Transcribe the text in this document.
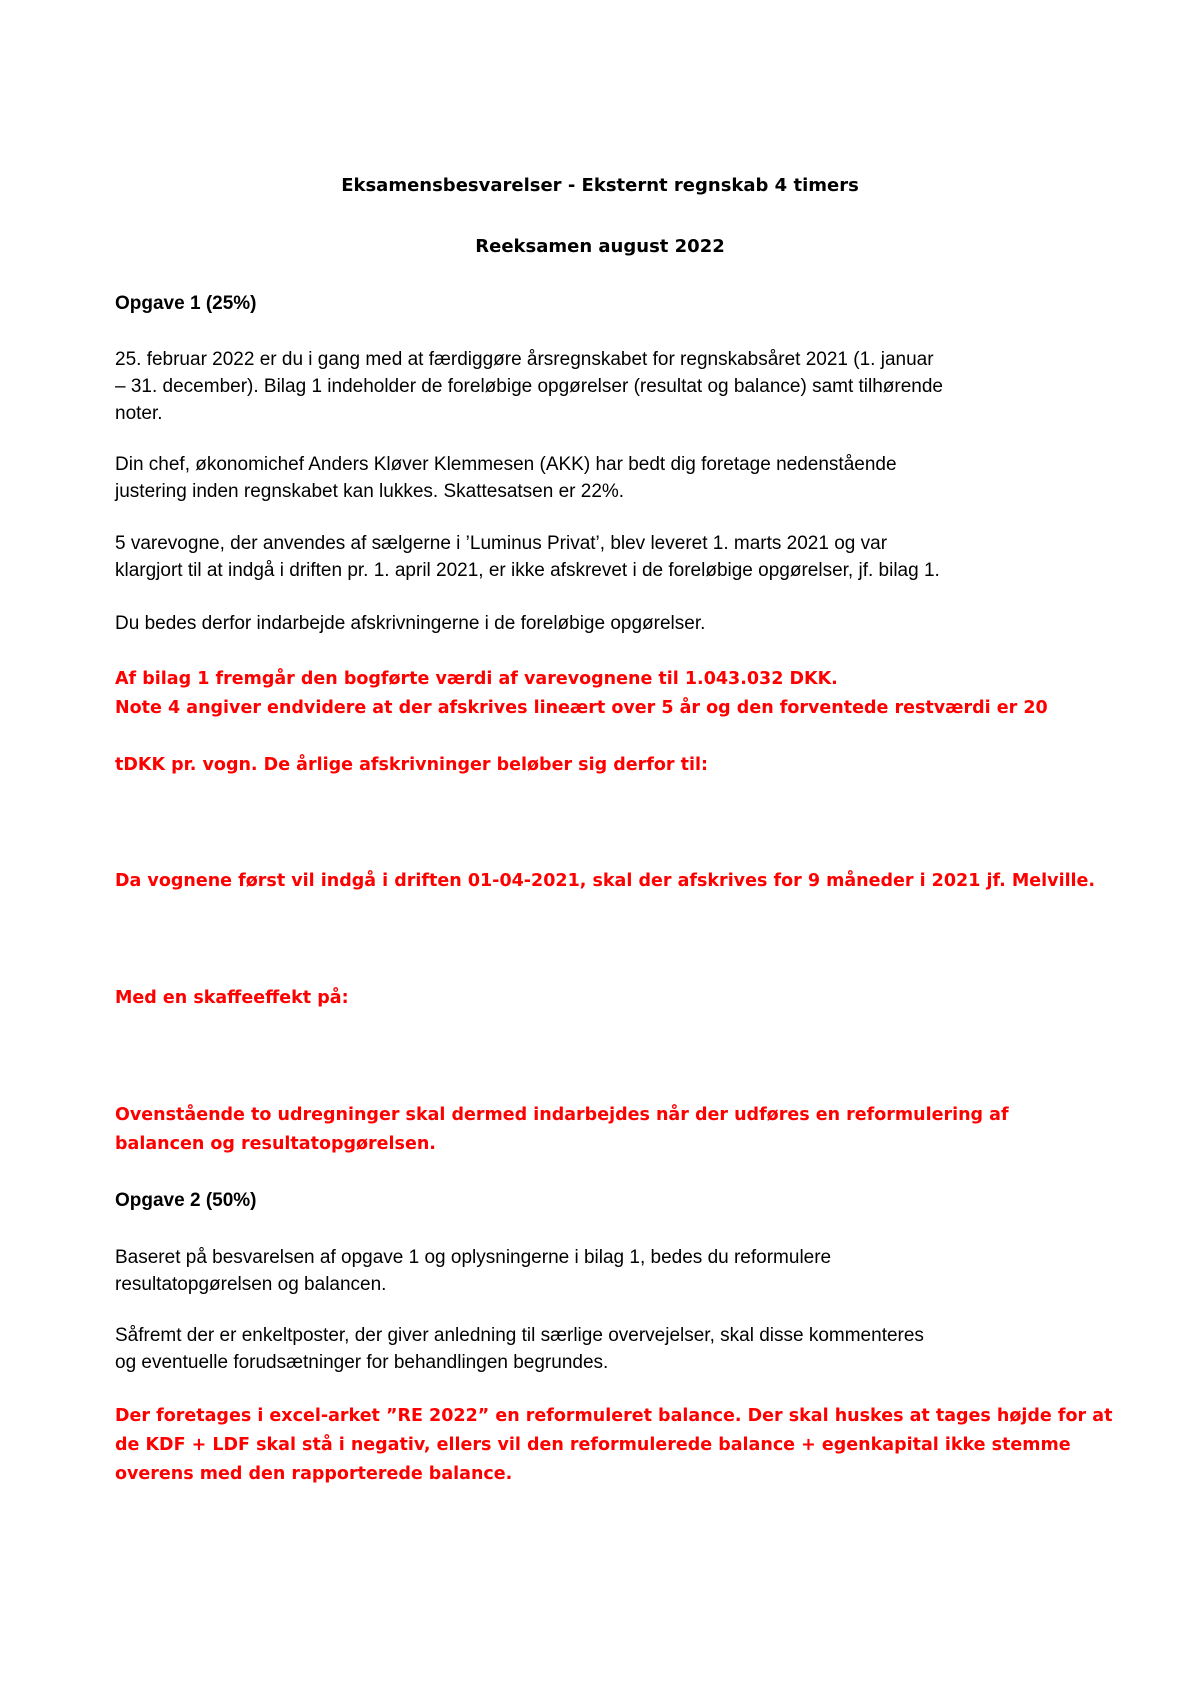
Eksamensbesvarelser - Eksternt regnskab 4 timers
Reeksamen august 2022
Opgave 1 (25%)
25. februar 2022 er du i gang med at færdiggøre årsregnskabet for regnskabsåret 2021 (1. januar
– 31. december). Bilag 1 indeholder de foreløbige opgørelser (resultat og balance) samt tilhørende
noter.
Din chef, økonomichef Anders Kløver Klemmesen (AKK) har bedt dig foretage nedenstående
justering inden regnskabet kan lukkes. Skattesatsen er 22%.
5 varevogne, der anvendes af sælgerne i ’Luminus Privat’, blev leveret 1. marts 2021 og var
klargjort til at indgå i driften pr. 1. april 2021, er ikke afskrevet i de foreløbige opgørelser, jf. bilag 1.
Du bedes derfor indarbejde afskrivningerne i de foreløbige opgørelser.
Af bilag 1 fremgår den bogførte værdi af varevognene til 1.043.032 DKK.
Note 4 angiver endvidere at der afskrives lineært over 5 år og den forventede restværdi er 20
tDKK pr. vogn. De årlige afskrivninger beløber sig derfor til:
Da vognene først vil indgå i driften 01-04-2021, skal der afskrives for 9 måneder i 2021 jf. Melville.
Med en skaffeeffekt på:
Ovenstående to udregninger skal dermed indarbejdes når der udføres en reformulering af
balancen og resultatopgørelsen.
Opgave 2 (50%)
Baseret på besvarelsen af opgave 1 og oplysningerne i bilag 1, bedes du reformulere
resultatopgørelsen og balancen.
Såfremt der er enkeltposter, der giver anledning til særlige overvejelser, skal disse kommenteres
og eventuelle forudsætninger for behandlingen begrundes.
Der foretages i excel-arket ”RE 2022” en reformuleret balance. Der skal huskes at tages højde for at
de KDF + LDF skal stå i negativ, ellers vil den reformulerede balance + egenkapital ikke stemme
overens med den rapporterede balance.
